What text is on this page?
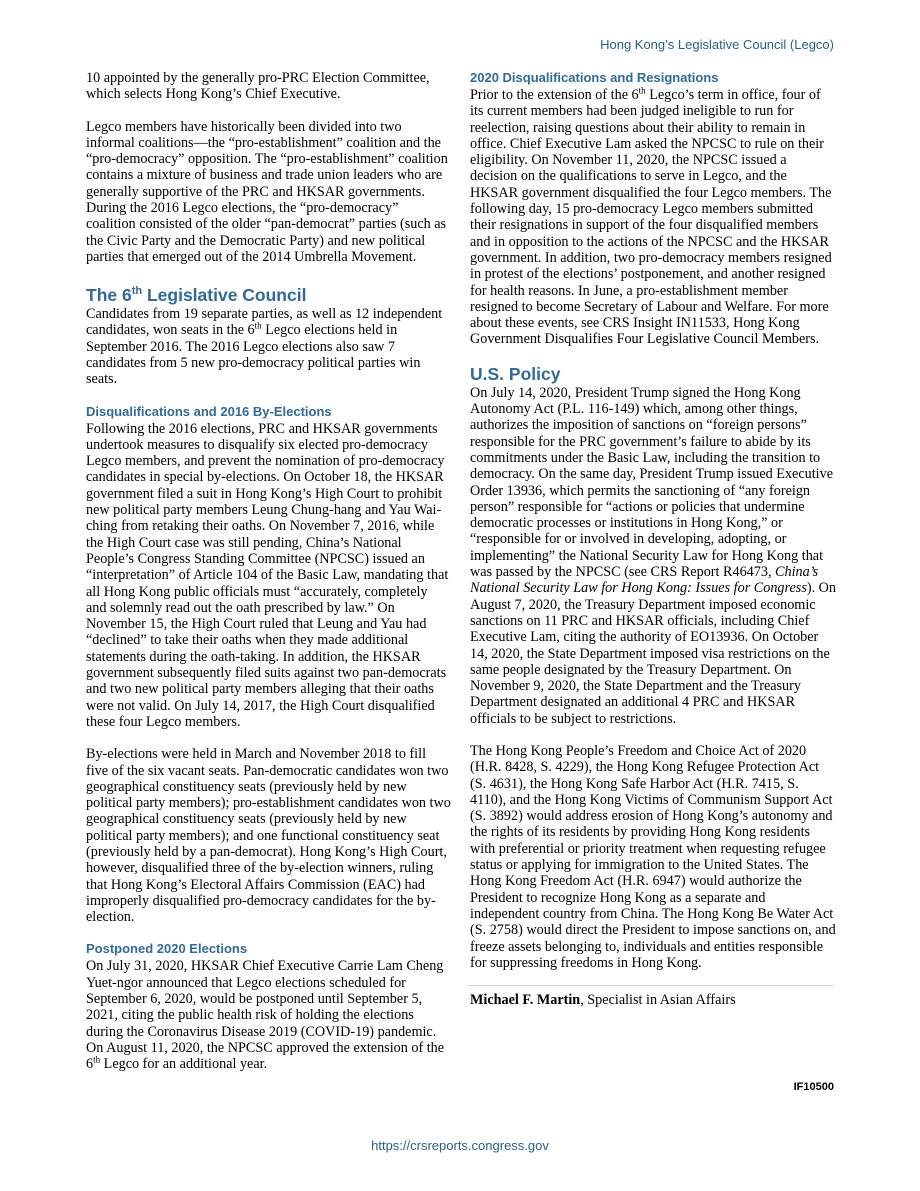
Hong Kong’s Legislative Council (Legco)

10 appointed by the generally pro-PRC Election Committee, which selects Hong Kong’s Chief Executive.

Legco members have historically been divided into two informal coalitions—the “pro-establishment” coalition and the “pro-democracy” opposition. The “pro-establishment” coalition contains a mixture of business and trade union leaders who are generally supportive of the PRC and HKSAR governments. During the 2016 Legco elections, the “pro-democracy” coalition consisted of the older “pan-democrat” parties (such as the Civic Party and the Democratic Party) and new political parties that emerged out of the 2014 Umbrella Movement.

The 6th Legislative Council

Candidates from 19 separate parties, as well as 12 independent candidates, won seats in the 6th Legco elections held in September 2016. The 2016 Legco elections also saw 7 candidates from 5 new pro-democracy political parties win seats.

Disqualifications and 2016 By-Elections

Following the 2016 elections, PRC and HKSAR governments undertook measures to disqualify six elected pro-democracy Legco members, and prevent the nomination of pro-democracy candidates in special by-elections. On October 18, the HKSAR government filed a suit in Hong Kong’s High Court to prohibit new political party members Leung Chung-hang and Yau Wai-ching from retaking their oaths. On November 7, 2016, while the High Court case was still pending, China’s National People’s Congress Standing Committee (NPCSC) issued an “interpretation” of Article 104 of the Basic Law, mandating that all Hong Kong public officials must “accurately, completely and solemnly read out the oath prescribed by law.” On November 15, the High Court ruled that Leung and Yau had “declined” to take their oaths when they made additional statements during the oath-taking. In addition, the HKSAR government subsequently filed suits against two pan-democrats and two new political party members alleging that their oaths were not valid. On July 14, 2017, the High Court disqualified these four Legco members.

By-elections were held in March and November 2018 to fill five of the six vacant seats. Pan-democratic candidates won two geographical constituency seats (previously held by new political party members); pro-establishment candidates won two geographical constituency seats (previously held by new political party members); and one functional constituency seat (previously held by a pan-democrat). Hong Kong’s High Court, however, disqualified three of the by-election winners, ruling that Hong Kong’s Electoral Affairs Commission (EAC) had improperly disqualified pro-democracy candidates for the by-election.

Postponed 2020 Elections

On July 31, 2020, HKSAR Chief Executive Carrie Lam Cheng Yuet-ngor announced that Legco elections scheduled for September 6, 2020, would be postponed until September 5, 2021, citing the public health risk of holding the elections during the Coronavirus Disease 2019 (COVID-19) pandemic. On August 11, 2020, the NPCSC approved the extension of the 6th Legco for an additional year.

2020 Disqualifications and Resignations

Prior to the extension of the 6th Legco’s term in office, four of its current members had been judged ineligible to run for reelection, raising questions about their ability to remain in office. Chief Executive Lam asked the NPCSC to rule on their eligibility. On November 11, 2020, the NPCSC issued a decision on the qualifications to serve in Legco, and the HKSAR government disqualified the four Legco members. The following day, 15 pro-democracy Legco members submitted their resignations in support of the four disqualified members and in opposition to the actions of the NPCSC and the HKSAR government. In addition, two pro-democracy members resigned in protest of the elections’ postponement, and another resigned for health reasons. In June, a pro-establishment member resigned to become Secretary of Labour and Welfare. For more about these events, see CRS Insight IN11533, Hong Kong Government Disqualifies Four Legislative Council Members.

U.S. Policy

On July 14, 2020, President Trump signed the Hong Kong Autonomy Act (P.L. 116-149) which, among other things, authorizes the imposition of sanctions on “foreign persons” responsible for the PRC government’s failure to abide by its commitments under the Basic Law, including the transition to democracy. On the same day, President Trump issued Executive Order 13936, which permits the sanctioning of “any foreign person” responsible for “actions or policies that undermine democratic processes or institutions in Hong Kong,” or “responsible for or involved in developing, adopting, or implementing” the National Security Law for Hong Kong that was passed by the NPCSC (see CRS Report R46473, China’s National Security Law for Hong Kong: Issues for Congress). On August 7, 2020, the Treasury Department imposed economic sanctions on 11 PRC and HKSAR officials, including Chief Executive Lam, citing the authority of EO13936. On October 14, 2020, the State Department imposed visa restrictions on the same people designated by the Treasury Department. On November 9, 2020, the State Department and the Treasury Department designated an additional 4 PRC and HKSAR officials to be subject to restrictions.

The Hong Kong People’s Freedom and Choice Act of 2020 (H.R. 8428, S. 4229), the Hong Kong Refugee Protection Act (S. 4631), the Hong Kong Safe Harbor Act (H.R. 7415, S. 4110), and the Hong Kong Victims of Communism Support Act (S. 3892) would address erosion of Hong Kong’s autonomy and the rights of its residents by providing Hong Kong residents with preferential or priority treatment when requesting refugee status or applying for immigration to the United States. The Hong Kong Freedom Act (H.R. 6947) would authorize the President to recognize Hong Kong as a separate and independent country from China. The Hong Kong Be Water Act (S. 2758) would direct the President to impose sanctions on, and freeze assets belonging to, individuals and entities responsible for suppressing freedoms in Hong Kong.

Michael F. Martin, Specialist in Asian Affairs
IF10500
https://crsreports.congress.gov
